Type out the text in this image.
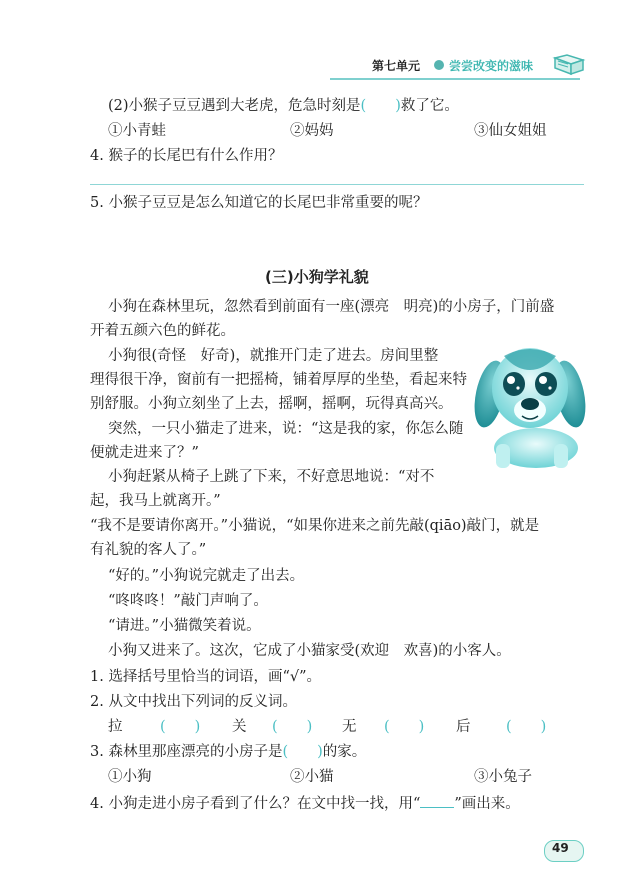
第七单元 尝尝改变的滋味
(2)小猴子豆豆遇到大老虎，危急时刻是(　　)救了它。
①小青蛙	②妈妈	③仙女姐姐
4. 猴子的长尾巴有什么作用？
5. 小猴子豆豆是怎么知道它的长尾巴非常重要的呢？
(三)小狗学礼貌
小狗在森林里玩，忽然看到前面有一座(漂亮　明亮)的小房子，门前盛
开着五颜六色的鲜花。
小狗很(奇怪　好奇)，就推开门走了进去。房间里整
理得很干净，窗前有一把摇椅，铺着厚厚的坐垫，看起来特
别舒服。小狗立刻坐了上去，摇啊，摇啊，玩得真高兴。
突然，一只小猫走了进来，说：“这是我的家，你怎么随
便就走进来了？”
小狗赶紧从椅子上跳了下来，不好意思地说：“对不
起，我马上就离开。”
“我不是要请你离开。”小猫说，“如果你进来之前先敲(qiāo)敲门，就是
有礼貌的客人了。”
“好的。”小狗说完就走了出去。
“咚咚咚！”敲门声响了。
“请进。”小猫微笑着说。
小狗又进来了。这次，它成了小猫家受(欢迎　欢喜)的小客人。
1. 选择括号里恰当的词语，画“√”。
2. 从文中找出下列词的反义词。
拉	(　　) 关 (　　) 无 (　　) 后 (　　)
3. 森林里那座漂亮的小房子是(　　)的家。
①小狗	②小猫	③小兔子
4. 小狗走进小房子看到了什么？在文中找一找，用“ ”画出来。
49
